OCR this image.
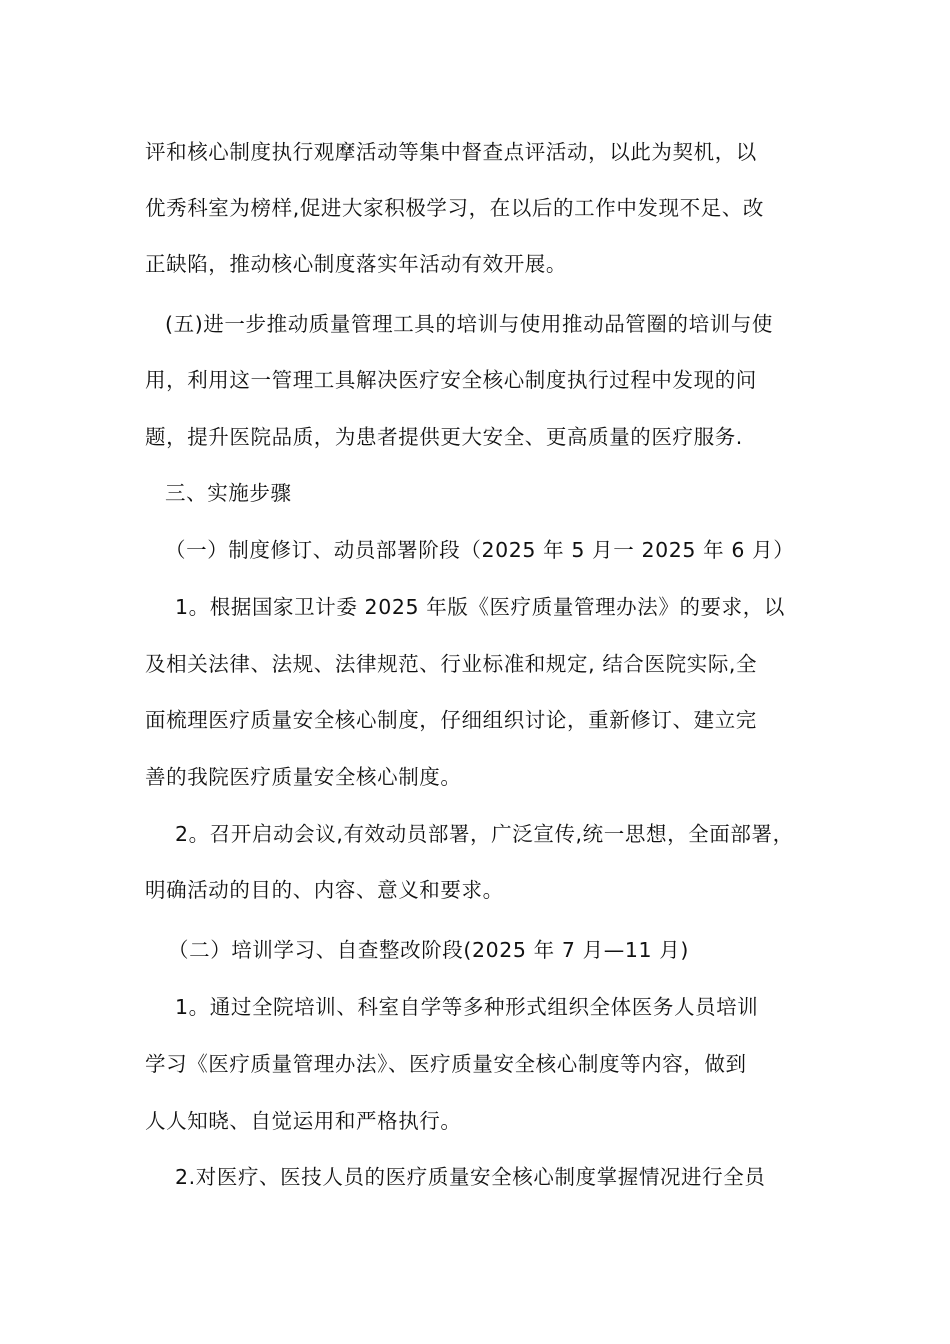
评和核心制度执行观摩活动等集中督查点评活动，以此为契机，以
优秀科室为榜样,促进大家积极学习，在以后的工作中发现不足、改
正缺陷，推动核心制度落实年活动有效开展。
(五)进一步推动质量管理工具的培训与使用推动品管圈的培训与使
用，利用这一管理工具解决医疗安全核心制度执行过程中发现的问
题，提升医院品质，为患者提供更大安全、更高质量的医疗服务.
三、实施步骤
（一）制度修订、动员部署阶段（2025 年 5 月一 2025 年 6 月）
1。根据国家卫计委 2025 年版《医疗质量管理办法》的要求，以
及相关法律、法规、法律规范、行业标准和规定, 结合医院实际,全
面梳理医疗质量安全核心制度，仔细组织讨论，重新修订、建立完
善的我院医疗质量安全核心制度。
2。召开启动会议,有效动员部署，广泛宣传,统一思想，全面部署，
明确活动的目的、内容、意义和要求。
（二）培训学习、自查整改阶段(2025 年 7 月—11 月)
1。通过全院培训、科室自学等多种形式组织全体医务人员培训
学习《医疗质量管理办法》、医疗质量安全核心制度等内容，做到
人人知晓、自觉运用和严格执行。
2.对医疗、医技人员的医疗质量安全核心制度掌握情况进行全员
